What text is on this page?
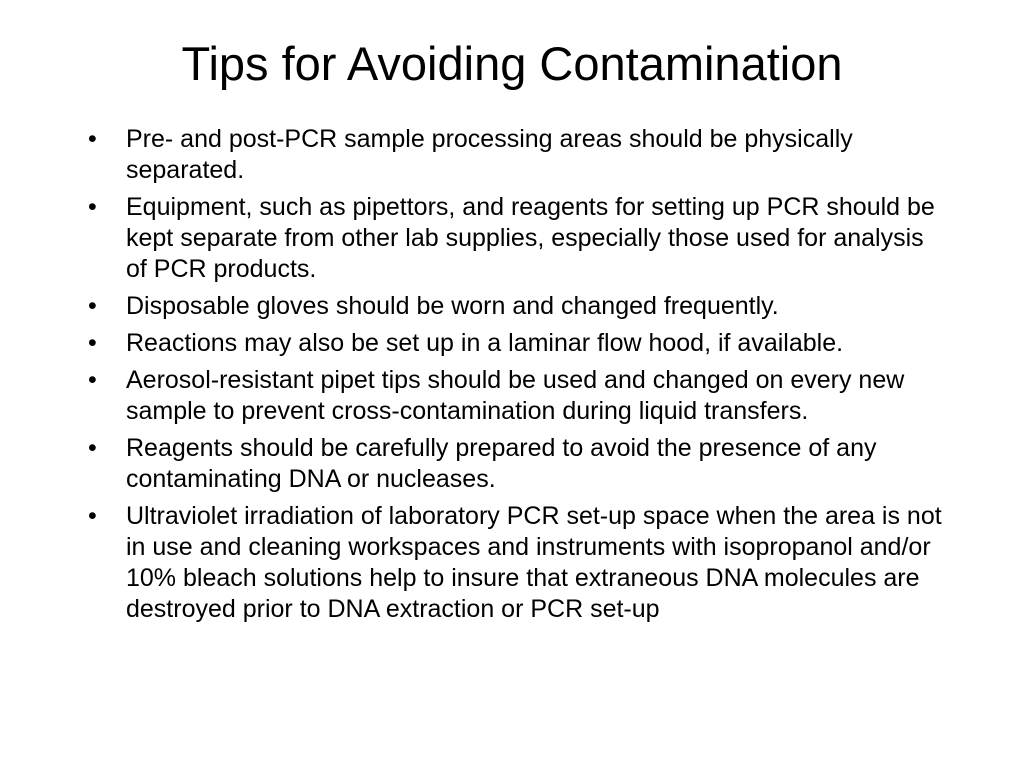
Tips for Avoiding Contamination
• Pre- and post-PCR sample processing areas should be physically separated.
• Equipment, such as pipettors, and reagents for setting up PCR should be kept separate from other lab supplies, especially those used for analysis of PCR products.
• Disposable gloves should be worn and changed frequently.
• Reactions may also be set up in a laminar flow hood, if available.
• Aerosol-resistant pipet tips should be used and changed on every new sample to prevent cross-contamination during liquid transfers.
• Reagents should be carefully prepared to avoid the presence of any contaminating DNA or nucleases.
• Ultraviolet irradiation of laboratory PCR set-up space when the area is not in use and cleaning workspaces and instruments with isopropanol and/or 10% bleach solutions help to insure that extraneous DNA molecules are destroyed prior to DNA extraction or PCR set-up
